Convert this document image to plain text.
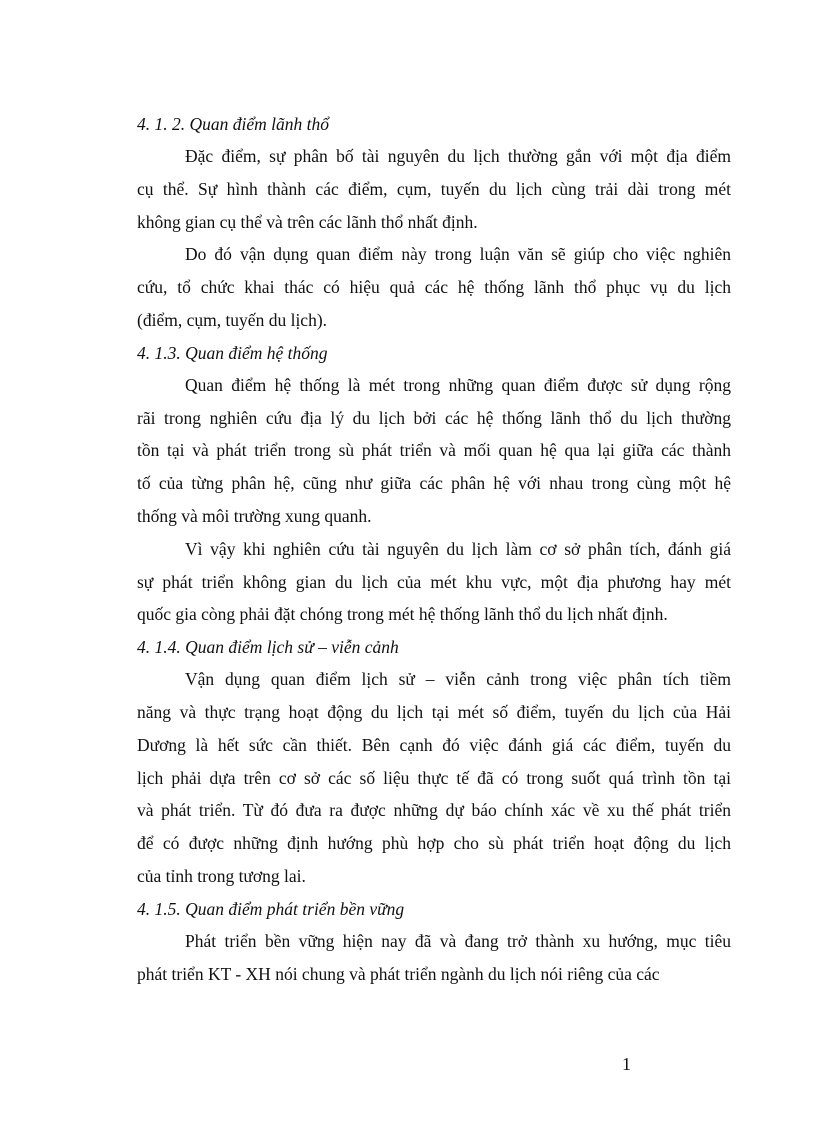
4. 1. 2. Quan điểm lãnh thổ
Đặc điểm, sự phân bố tài nguyên du lịch thường gắn với một địa điểm
cụ thể. Sự hình thành các điểm, cụm, tuyến du lịch cùng trải dài trong mét
không gian cụ thể và trên các lãnh thổ nhất định.
Do đó vận dụng quan điểm này trong luận văn sẽ giúp cho việc nghiên
cứu, tổ chức khai thác có hiệu quả các hệ thống lãnh thổ phục vụ du lịch
(điểm, cụm, tuyến du lịch).
4. 1.3. Quan điểm hệ thống
Quan điểm hệ thống là mét trong những quan điểm được sử dụng rộng
rãi trong nghiên cứu địa lý du lịch bởi các hệ thống lãnh thổ du lịch thường
tồn tại và phát triển trong sù phát triển và mối quan hệ qua lại giữa các thành
tố của từng phân hệ, cũng như giữa các phân hệ với nhau trong cùng một hệ
thống và môi trường xung quanh.
Vì vậy khi nghiên cứu tài nguyên du lịch làm cơ sở phân tích, đánh giá
sự phát triển không gian du lịch của mét khu vực, một địa phương hay mét
quốc gia còng phải đặt chóng trong mét hệ thống lãnh thổ du lịch nhất định.
4. 1.4. Quan điểm lịch sử – viễn cảnh
Vận dụng quan điểm lịch sử – viễn cảnh trong việc phân tích tiềm
năng và thực trạng hoạt động du lịch tại mét số điểm, tuyến du lịch của Hải
Dương là hết sức cần thiết. Bên cạnh đó việc đánh giá các điểm, tuyến du
lịch phải dựa trên cơ sở các số liệu thực tế đã có trong suốt quá trình tồn tại
và phát triển. Từ đó đưa ra được những dự báo chính xác về xu thế phát triển
để có được những định hướng phù hợp cho sù phát triển hoạt động du lịch
của tỉnh trong tương lai.
4. 1.5. Quan điểm phát triển bền vững
Phát triển bền vững hiện nay đã và đang trở thành xu hướng, mục tiêu
phát triển KT - XH nói chung và phát triển ngành du lịch nói riêng của các
1
